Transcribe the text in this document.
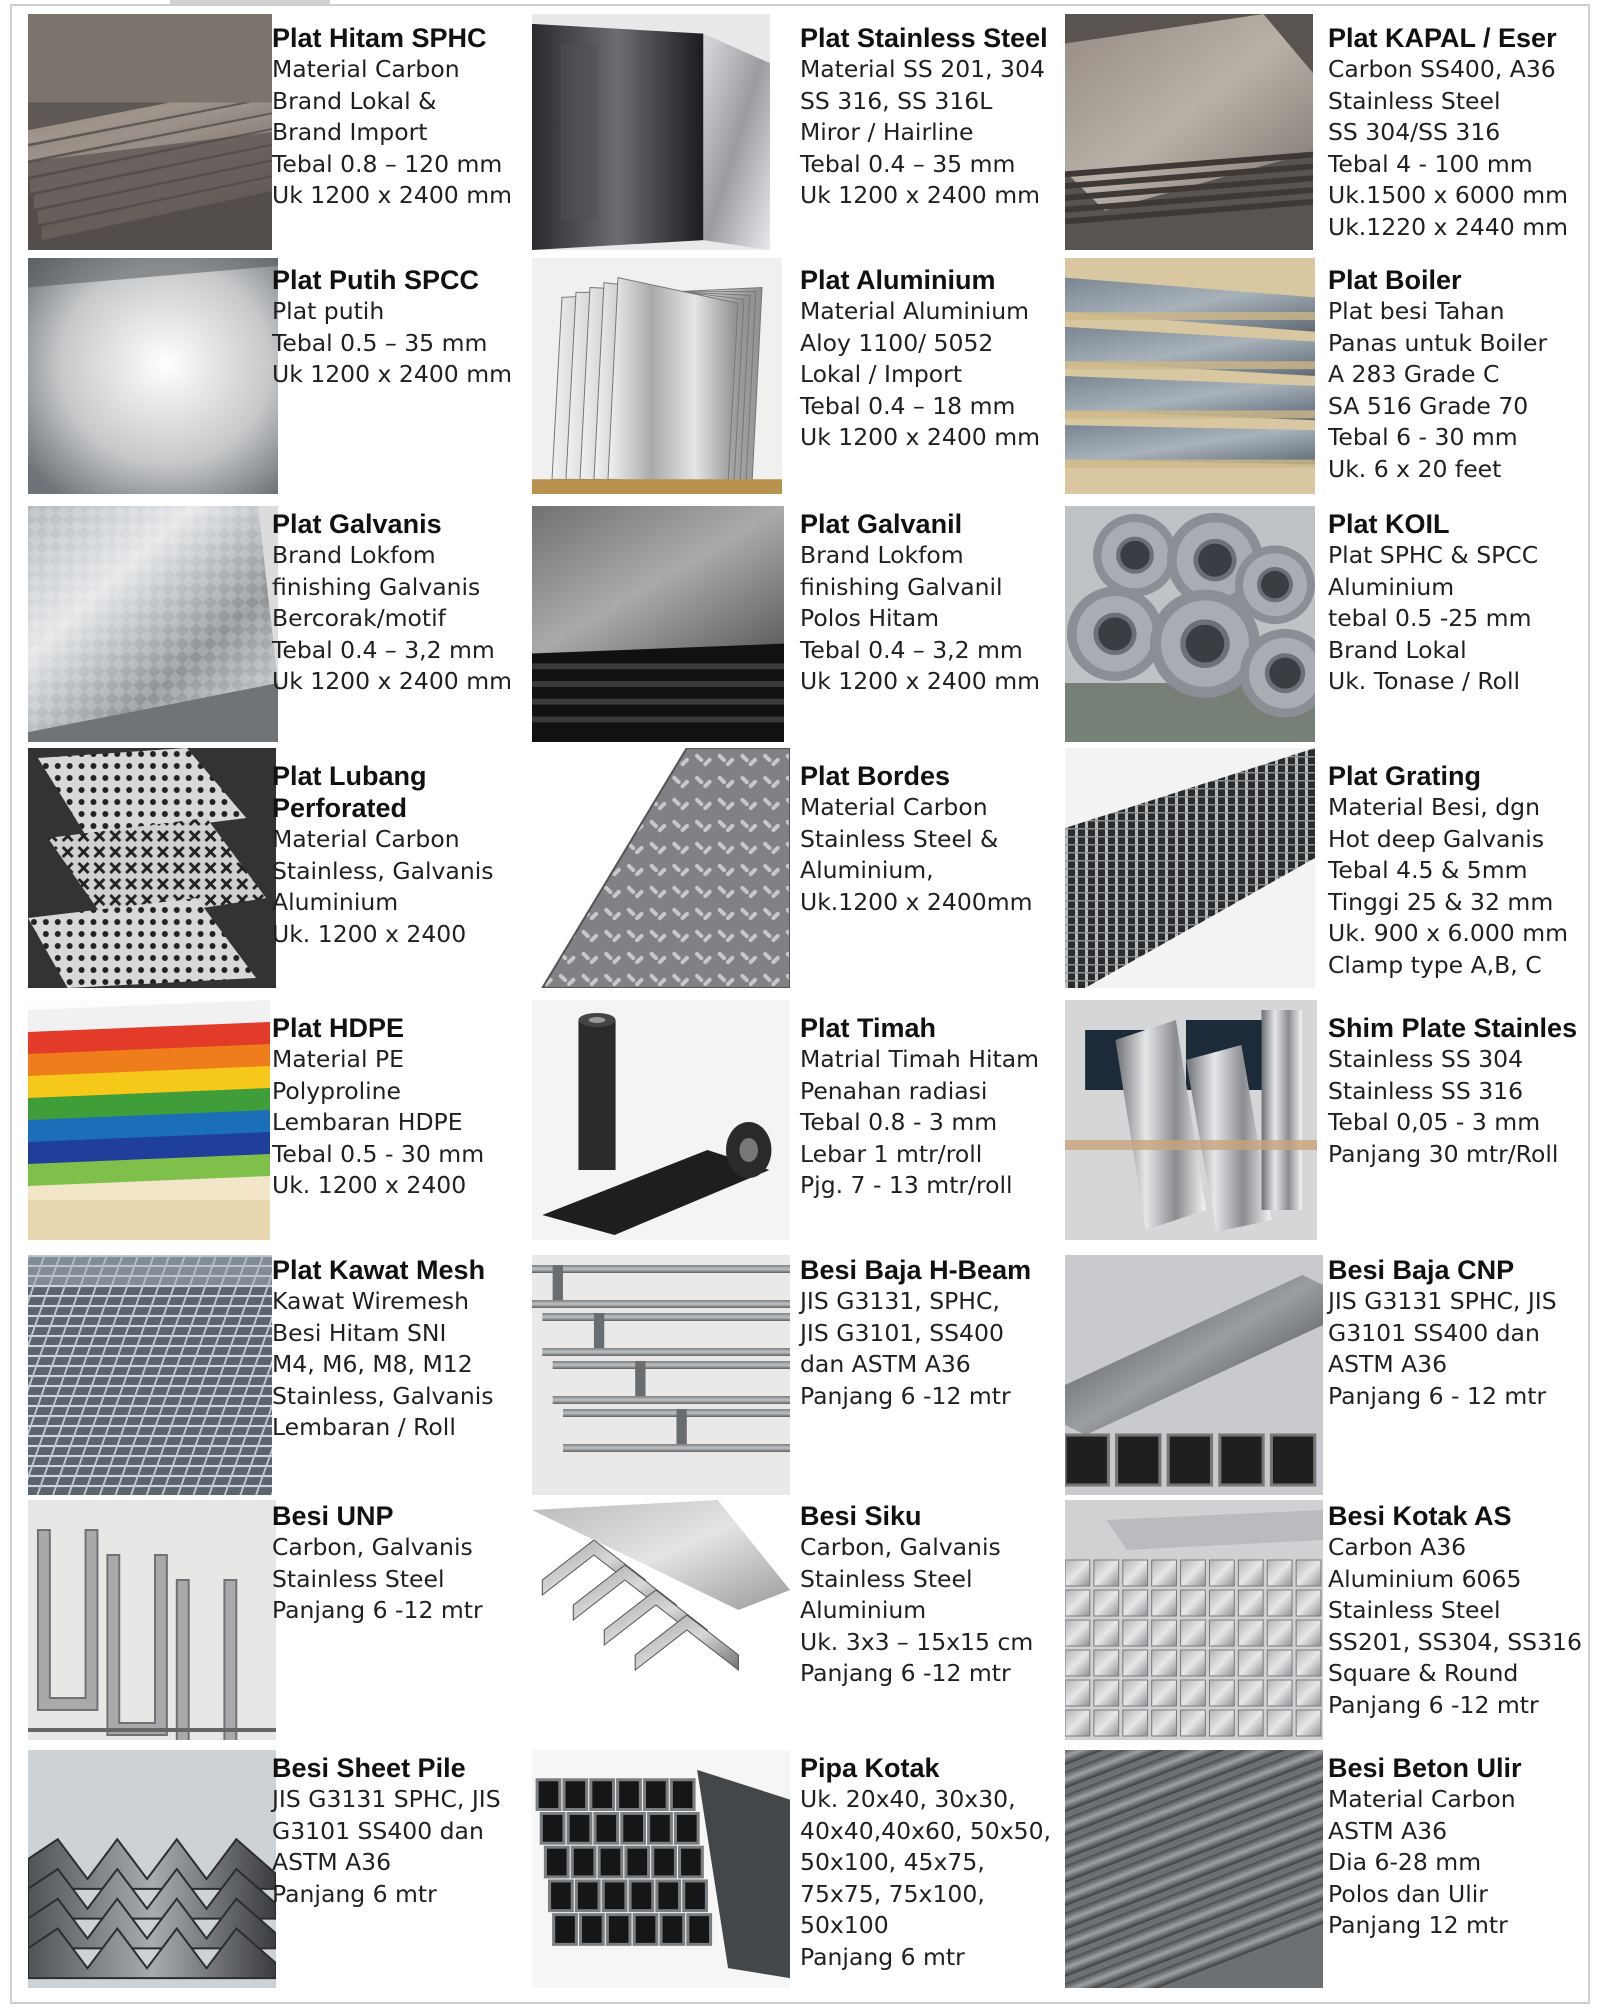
Plat Hitam SPHC
Material Carbon
Brand Lokal &
Brand Import
Tebal 0.8 – 120 mm
Uk 1200 x 2400 mm
Plat Stainless Steel
Material SS 201, 304
SS 316, SS 316L
Miror / Hairline
Tebal 0.4 – 35 mm
Uk 1200 x 2400 mm
Plat KAPAL / Eser
Carbon SS400, A36
Stainless Steel
SS 304/SS 316
Tebal 4 - 100 mm
Uk.1500 x 6000 mm
Uk.1220 x 2440 mm
Plat Putih SPCC
Plat putih
Tebal 0.5 – 35 mm
Uk 1200 x 2400 mm
Plat Aluminium
Material Aluminium
Aloy 1100/ 5052
Lokal / Import
Tebal 0.4 – 18 mm
Uk 1200 x 2400 mm
Plat Boiler
Plat besi Tahan
Panas untuk Boiler
A 283 Grade C
SA 516 Grade 70
Tebal 6 - 30 mm
Uk. 6 x 20 feet
Plat Galvanis
Brand Lokfom
finishing Galvanis
Bercorak/motif
Tebal 0.4 – 3,2 mm
Uk 1200 x 2400 mm
Plat Galvanil
Brand Lokfom
finishing Galvanil
Polos Hitam
Tebal 0.4 – 3,2 mm
Uk 1200 x 2400 mm
Plat KOIL
Plat SPHC & SPCC
Aluminium
tebal 0.5 -25 mm
Brand Lokal
Uk. Tonase / Roll
Plat Lubang
Perforated
Material Carbon
Stainless, Galvanis
Aluminium
Uk. 1200 x 2400
Plat Bordes
Material Carbon
Stainless Steel &
Aluminium,
Uk.1200 x 2400mm
Plat Grating
Material Besi, dgn
Hot deep Galvanis
Tebal 4.5 & 5mm
Tinggi 25 & 32 mm
Uk. 900 x 6.000 mm
Clamp type A,B, C
Plat HDPE
Material PE
Polyproline
Lembaran HDPE
Tebal 0.5 - 30 mm
Uk. 1200 x 2400
Plat Timah
Matrial Timah Hitam
Penahan radiasi
Tebal 0.8 - 3 mm
Lebar 1 mtr/roll
Pjg. 7 - 13 mtr/roll
Shim Plate Stainles
Stainless SS 304
Stainless SS 316
Tebal 0,05 - 3 mm
Panjang 30 mtr/Roll
Plat Kawat Mesh
Kawat Wiremesh
Besi Hitam SNI
M4, M6, M8, M12
Stainless, Galvanis
Lembaran / Roll
Besi Baja H-Beam
JIS G3131, SPHC,
JIS G3101, SS400
dan ASTM A36
Panjang 6 -12 mtr
Besi Baja CNP
JIS G3131 SPHC, JIS
G3101 SS400 dan
ASTM A36
Panjang 6 - 12 mtr
Besi UNP
Carbon, Galvanis
Stainless Steel
Panjang 6 -12 mtr
Besi Siku
Carbon, Galvanis
Stainless Steel
Aluminium
Uk. 3x3 – 15x15 cm
Panjang 6 -12 mtr
Besi Kotak AS
Carbon A36
Aluminium 6065
Stainless Steel
SS201, SS304, SS316
Square & Round
Panjang 6 -12 mtr
Besi Sheet Pile
JIS G3131 SPHC, JIS
G3101 SS400 dan
ASTM A36
Panjang 6 mtr
Pipa Kotak
Uk. 20x40, 30x30,
40x40,40x60, 50x50,
50x100, 45x75,
75x75, 75x100,
50x100
Panjang 6 mtr
Besi Beton Ulir
Material Carbon
ASTM A36
Dia 6-28 mm
Polos dan Ulir
Panjang 12 mtr
